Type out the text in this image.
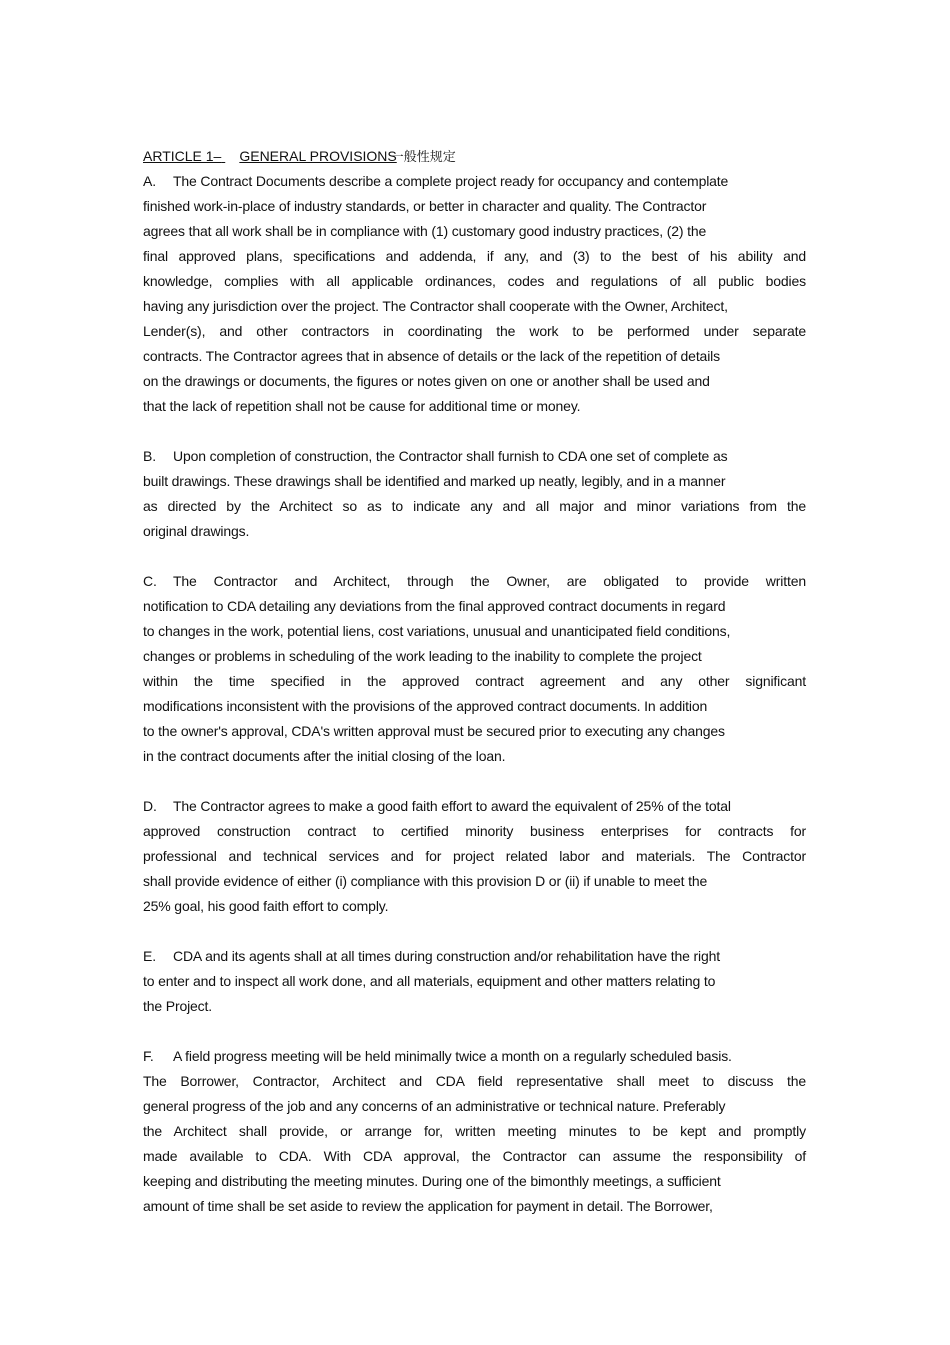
ARTICLE 1– GENERAL PROVISIONS一般性规定
A. The Contract Documents describe a complete project ready for occupancy and contemplate
finished work-in-place of industry standards, or better in character and quality. The Contractor
agrees that all work shall be in compliance with (1) customary good industry practices, (2) the
final approved plans, specifications and addenda, if any, and (3) to the best of his ability and
knowledge, complies with all applicable ordinances, codes and regulations of all public bodies
having any jurisdiction over the project. The Contractor shall cooperate with the Owner, Architect,
Lender(s), and other contractors in coordinating the work to be performed under separate
contracts. The Contractor agrees that in absence of details or the lack of the repetition of details
on the drawings or documents, the figures or notes given on one or another shall be used and
that the lack of repetition shall not be cause for additional time or money.
B. Upon completion of construction, the Contractor shall furnish to CDA one set of complete as
built drawings. These drawings shall be identified and marked up neatly, legibly, and in a manner
as directed by the Architect so as to indicate any and all major and minor variations from the
original drawings.
C. The Contractor and Architect, through the Owner, are obligated to provide written
notification to CDA detailing any deviations from the final approved contract documents in regard
to changes in the work, potential liens, cost variations, unusual and unanticipated field conditions,
changes or problems in scheduling of the work leading to the inability to complete the project
within the time specified in the approved contract agreement and any other significant
modifications inconsistent with the provisions of the approved contract documents. In addition
to the owner's approval, CDA's written approval must be secured prior to executing any changes
in the contract documents after the initial closing of the loan.
D. The Contractor agrees to make a good faith effort to award the equivalent of 25% of the total
approved construction contract to certified minority business enterprises for contracts for
professional and technical services and for project related labor and materials. The Contractor
shall provide evidence of either (i) compliance with this provision D or (ii) if unable to meet the
25% goal, his good faith effort to comply.
E. CDA and its agents shall at all times during construction and/or rehabilitation have the right
to enter and to inspect all work done, and all materials, equipment and other matters relating to
the Project.
F. A field progress meeting will be held minimally twice a month on a regularly scheduled basis.
The Borrower, Contractor, Architect and CDA field representative shall meet to discuss the
general progress of the job and any concerns of an administrative or technical nature. Preferably
the Architect shall provide, or arrange for, written meeting minutes to be kept and promptly
made available to CDA. With CDA approval, the Contractor can assume the responsibility of
keeping and distributing the meeting minutes. During one of the bimonthly meetings, a sufficient
amount of time shall be set aside to review the application for payment in detail. The Borrower,
